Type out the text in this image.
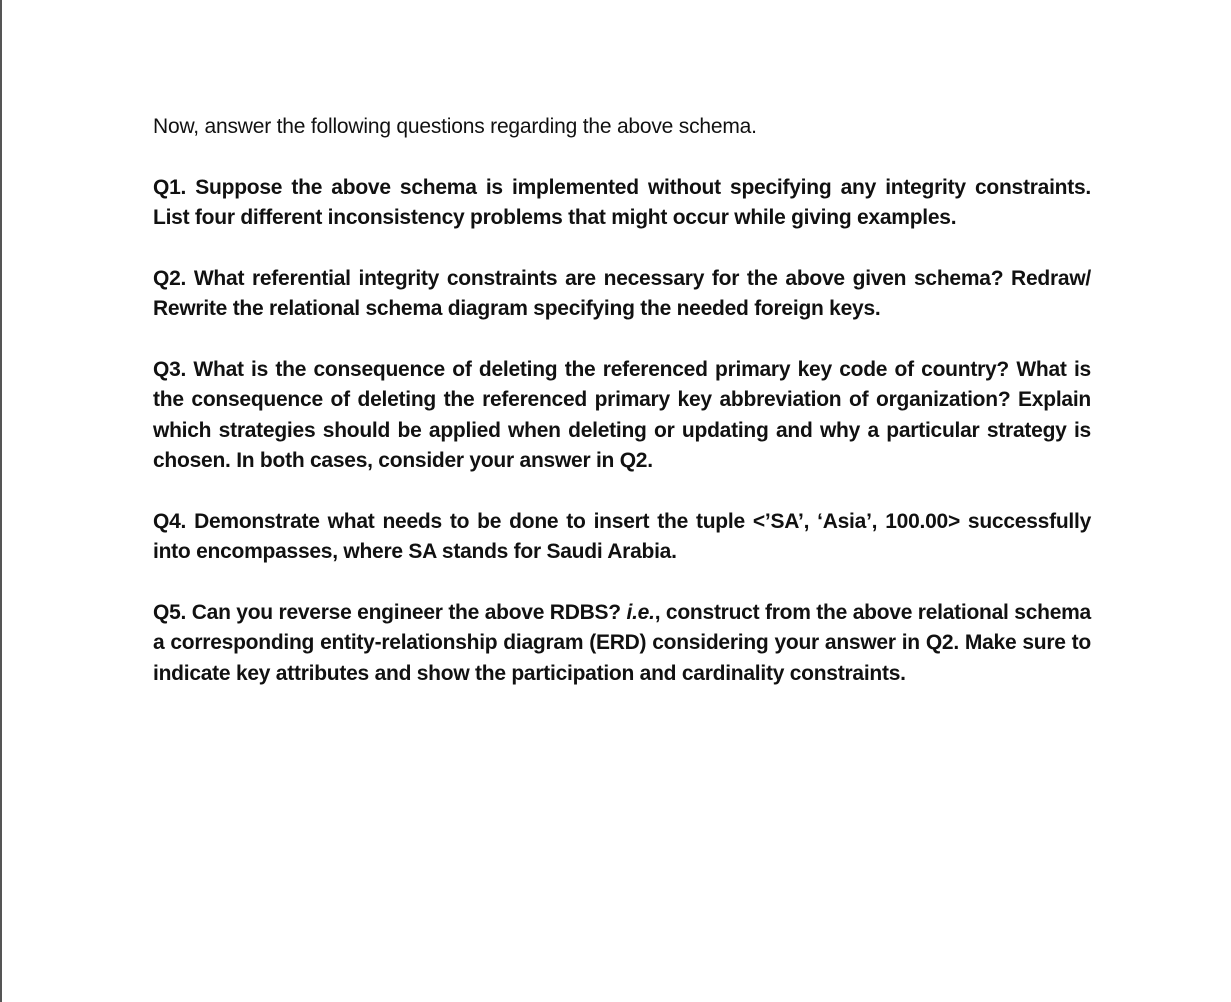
Now, answer the following questions regarding the above schema.

Q1. Suppose the above schema is implemented without specifying any integrity constraints. List four different inconsistency problems that might occur while giving examples.

Q2. What referential integrity constraints are necessary for the above given schema? Redraw/ Rewrite the relational schema diagram specifying the needed foreign keys.

Q3. What is the consequence of deleting the referenced primary key code of country? What is the consequence of deleting the referenced primary key abbreviation of organization? Explain which strategies should be applied when deleting or updating and why a particular strategy is chosen. In both cases, consider your answer in Q2.

Q4. Demonstrate what needs to be done to insert the tuple <’SA’, ‘Asia’, 100.00> successfully into encompasses, where SA stands for Saudi Arabia.

Q5. Can you reverse engineer the above RDBS? i.e., construct from the above relational schema a corresponding entity-relationship diagram (ERD) considering your answer in Q2. Make sure to indicate key attributes and show the participation and cardinality constraints.
